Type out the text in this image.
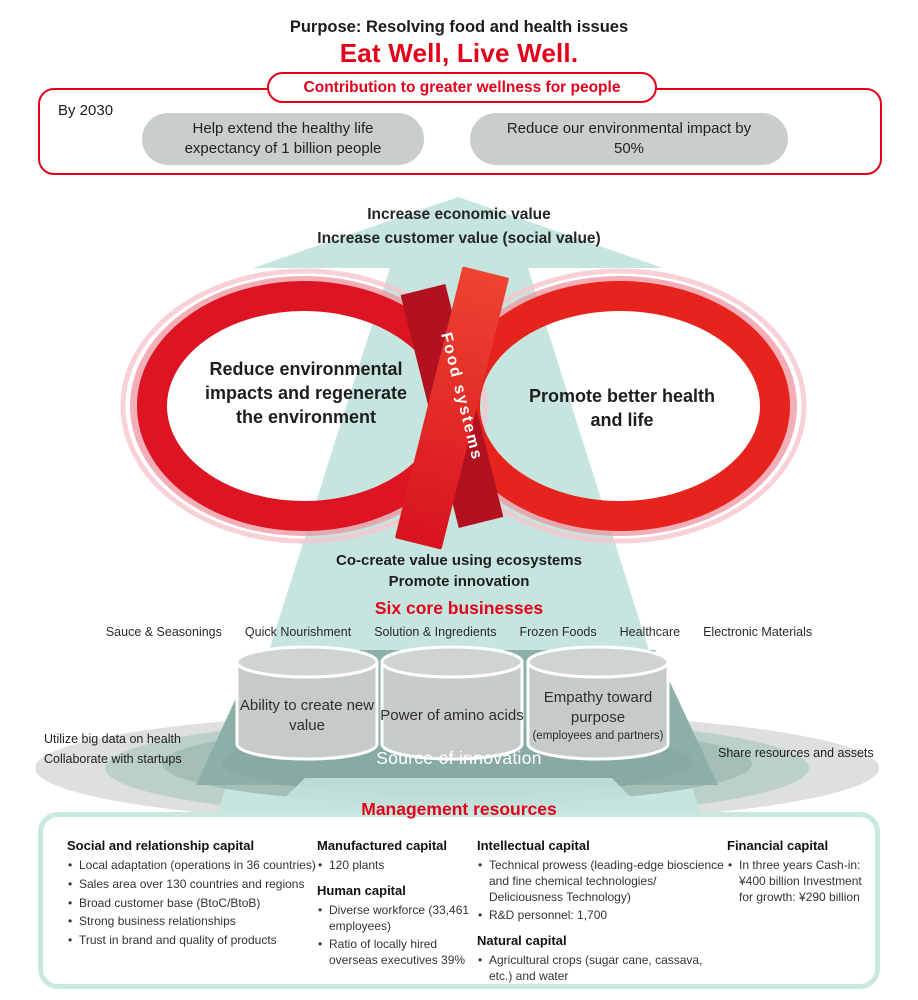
Purpose: Resolving food and health issues
Eat Well, Live Well.
Contribution to greater wellness for people
By 2030
Help extend the healthy life expectancy of 1 billion people
Reduce our environmental impact by 50%
Food systems
Increase economic value
Increase customer value (social value)
Reduce environmental impacts and regenerate the environment
Promote better health and life
Co-create value using ecosystems
Promote innovation
Six core businesses
Sauce & Seasonings Quick Nourishment Solution & Ingredients Frozen Foods Healthcare Electronic Materials
Ability to create new value
Power of amino acids
Empathy toward purpose
(employees and partners)
Utilize big data on health
Collaborate with startups	Source of innovation	Share resources and assets
Management resources
Social and relationship capital
• Local adaptation (operations in 36 countries)
• Sales area over 130 countries and regions
• Broad customer base (BtoC/BtoB)
• Strong business relationships
• Trust in brand and quality of products
Manufactured capital
• 120 plants
Human capital
• Diverse workforce (33,461 employees)
• Ratio of locally hired overseas executives 39%
Intellectual capital
• Technical prowess (leading-edge bioscience and fine chemical technologies/ Deliciousness Technology)
• R&D personnel: 1,700
Natural capital
• Agricultural crops (sugar cane, cassava, etc.) and water
Financial capital
• In three years Cash-in: ¥400 billion Investment for growth: ¥290 billion
